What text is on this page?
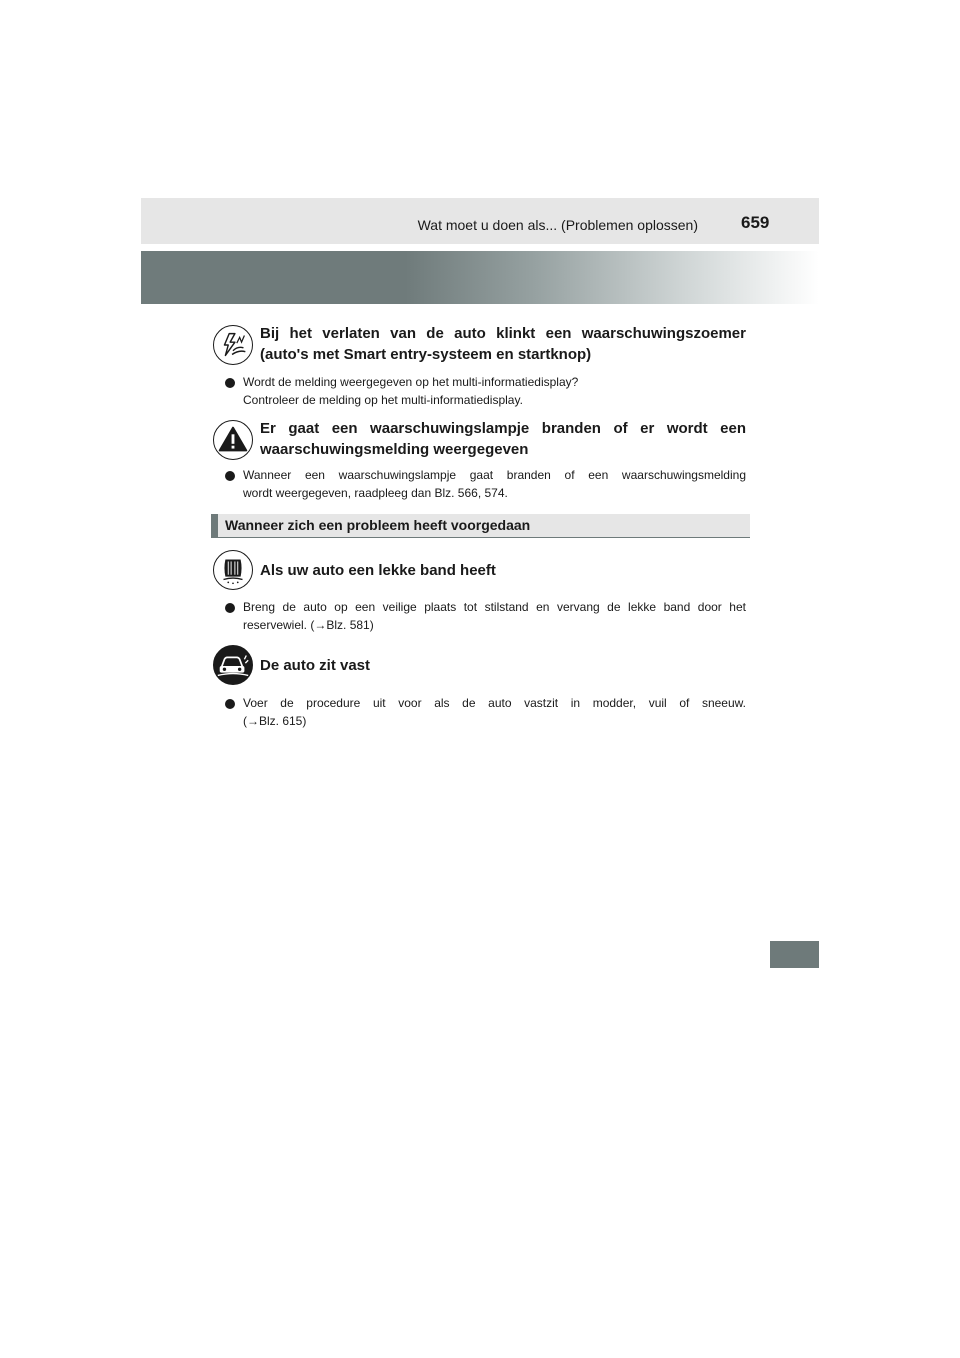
Wat moet u doen als... (Problemen oplossen)	659
Bij het verlaten van de auto klinkt een waarschuwingszoemer
(auto's met Smart entry-systeem en startknop)
Wordt de melding weergegeven op het multi-informatiedisplay?
Controleer de melding op het multi-informatiedisplay.
Er gaat een waarschuwingslampje branden of er wordt een
waarschuwingsmelding weergegeven
Wanneer een waarschuwingslampje gaat branden of een waarschuwingsmelding
wordt weergegeven, raadpleeg dan Blz. 566, 574.
Wanneer zich een probleem heeft voorgedaan
Als uw auto een lekke band heeft
Breng de auto op een veilige plaats tot stilstand en vervang de lekke band door het
reservewiel. (→Blz. 581)
De auto zit vast
Voer de procedure uit voor als de auto vastzit in modder, vuil of sneeuw.
(→Blz. 615)
